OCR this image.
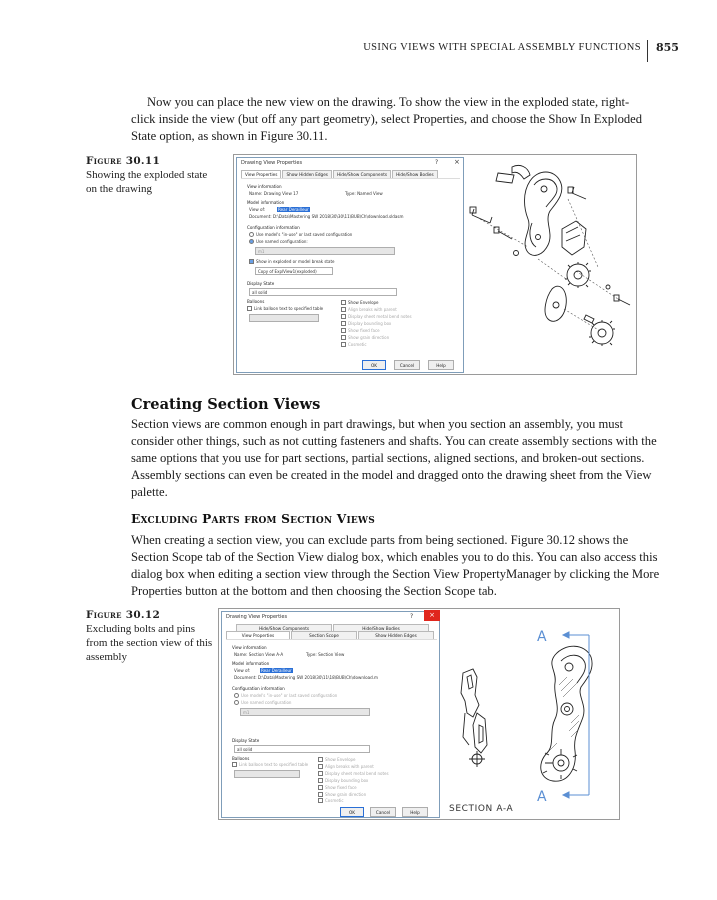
USING VIEWS WITH SPECIAL ASSEMBLY FUNCTIONS 855

Now you can place the new view on the drawing. To show the view in the exploded state, right-click inside the view (but off any part geometry), select Properties, and choose the Show In Exploded State option, as shown in Figure 30.11.

Figure 30.11
Showing the exploded state on the drawing
Drawing View Properties	? ×
View Properties	Show Hidden Edges	Hide/Show Components	Hide/Show Bodies
View information
Name: Drawing View 17	Type: Named View
Model information
View of:	Rear Derailleur
Document: D:\Data\Mastering SW 2018\30\30\11\BUB\Ch\download.sldasm
Configuration information
Use model's "in-use" or last saved configuration
Use named configuration:
m1
Show in exploded or model break state
Copy of ExplView1(exploded)
Display State
all solid
Balloons
Link balloon text to specified table
Show Envelope
Align breaks with parent
Display sheet metal bend notes
Display bounding box
Show fixed face
Show grain direction
Cosmetic
OK	Cancel	Help
Creating Section Views

Section views are common enough in part drawings, but when you section an assembly, you must consider other things, such as not cutting fasteners and shafts. You can create assembly sections with the same options that you use for part sections, partial sections, aligned sections, and broken-out sections. Assembly sections can even be created in the model and dragged onto the drawing sheet from the View palette.

Excluding Parts from Section Views

When creating a section view, you can exclude parts from being sectioned. Figure 30.12 shows the Section Scope tab of the Section View dialog box, which enables you to do this. You can also access this dialog box when editing a section view through the Section View PropertyManager by clicking the More Properties button at the bottom and then choosing the Section Scope tab.

Figure 30.12
Excluding bolts and pins from the section view of this assembly
Drawing View Properties	?	×
Hide/Show Components	Hide/Show Bodies
View Properties	Section Scope	Show Hidden Edges
View information
Name: Section View A-A	Type: Section View
Model information
View of:	Rear Derailleur
Document: D:\Data\Mastering SW 2018\30\11\18\BUB\Ch\download.m
Configuration information
Use model's "in-use" or last saved configuration
Use named configuration
m1
Display State
all solid
Balloons
Link balloon text to specified table
Show Envelope
Align breaks with parent
Display sheet metal bend notes
Display bounding box
Show fixed face
Show grain direction
Cosmetic
OK	Cancel	Help
A
A
SECTION A-A
